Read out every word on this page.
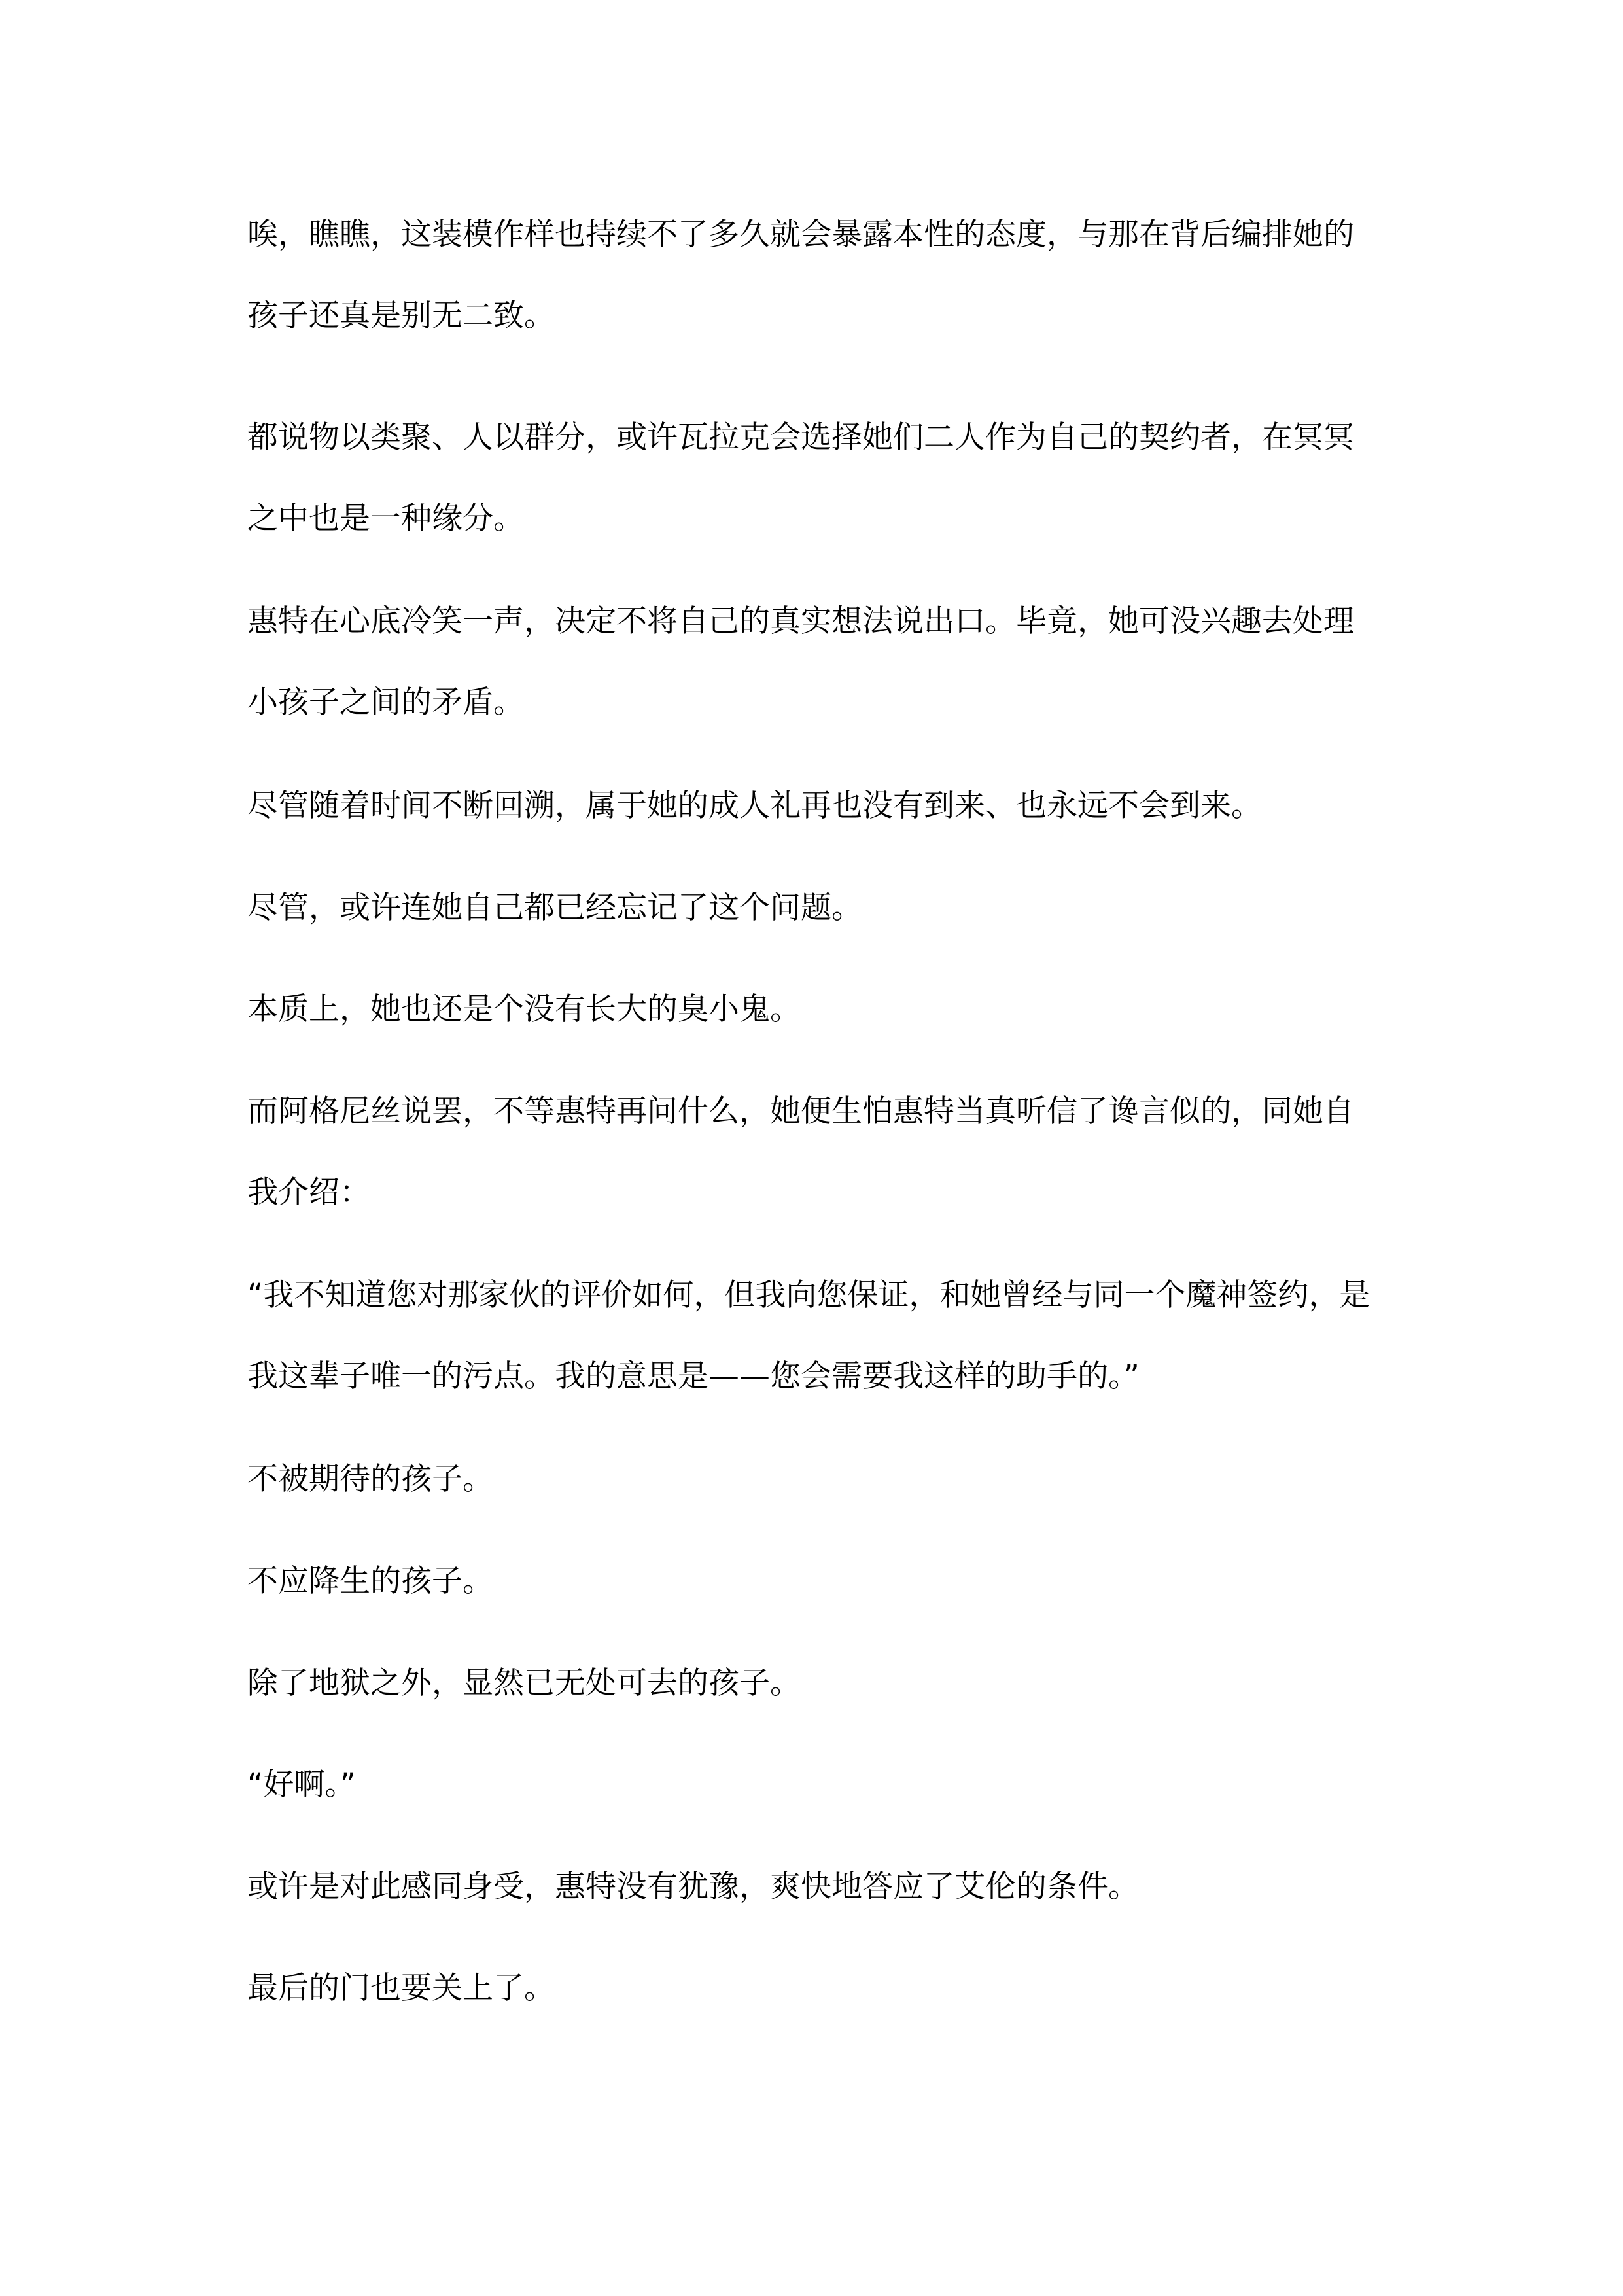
唉，瞧瞧，这装模作样也持续不了多久就会暴露本性的态度，与那在背后编排她的孩子还真是别无二致。

都说物以类聚、人以群分，或许瓦拉克会选择她们二人作为自己的契约者，在冥冥之中也是一种缘分。

惠特在心底冷笑一声，决定不将自己的真实想法说出口。毕竟，她可没兴趣去处理小孩子之间的矛盾。

尽管随着时间不断回溯，属于她的成人礼再也没有到来、也永远不会到来。

尽管，或许连她自己都已经忘记了这个问题。

本质上，她也还是个没有长大的臭小鬼。

而阿格尼丝说罢，不等惠特再问什么，她便生怕惠特当真听信了谗言似的，同她自我介绍：

“我不知道您对那家伙的评价如何，但我向您保证，和她曾经与同一个魔神签约，是我这辈子唯一的污点。我的意思是——您会需要我这样的助手的。”

不被期待的孩子。

不应降生的孩子。

除了地狱之外，显然已无处可去的孩子。

“好啊。”

或许是对此感同身受，惠特没有犹豫，爽快地答应了艾伦的条件。

最后的门也要关上了。
